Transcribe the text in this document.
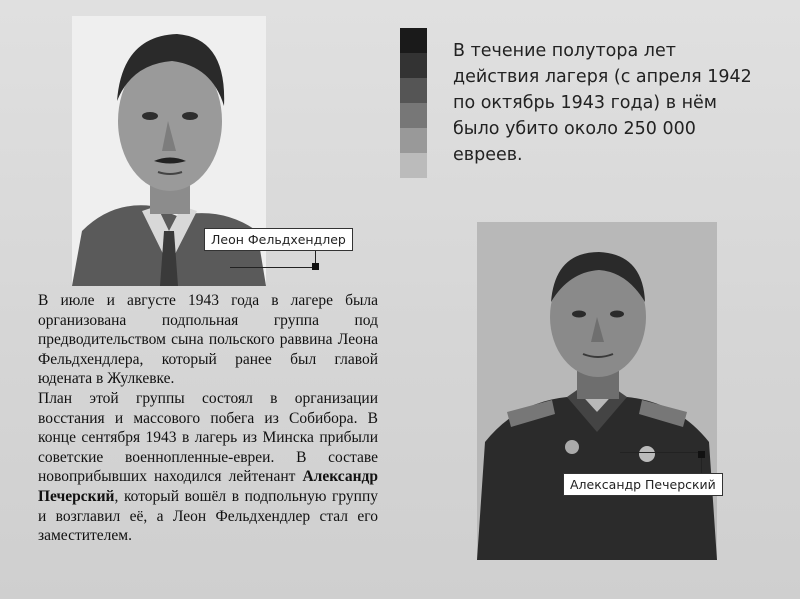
В течение полутора лет действия лагеря (с апреля 1942 по октябрь 1943 года) в нём было убито около 250 000 евреев.
Леон Фельдхендлер
Александр Печерский

В июле и августе 1943 года в лагере была организована подпольная группа под предводительством сына польского раввина Леона Фельдхендлера, который ранее был главой юдената в Жулкевке.

План этой группы состоял в организации восстания и массового побега из Собибора. В конце сентября 1943 в лагерь из Минска прибыли советские военнопленные-евреи. В составе новоприбывших находился лейтенант Александр Печерский, который вошёл в подпольную группу и возглавил её, а Леон Фельдхендлер стал его заместителем.
